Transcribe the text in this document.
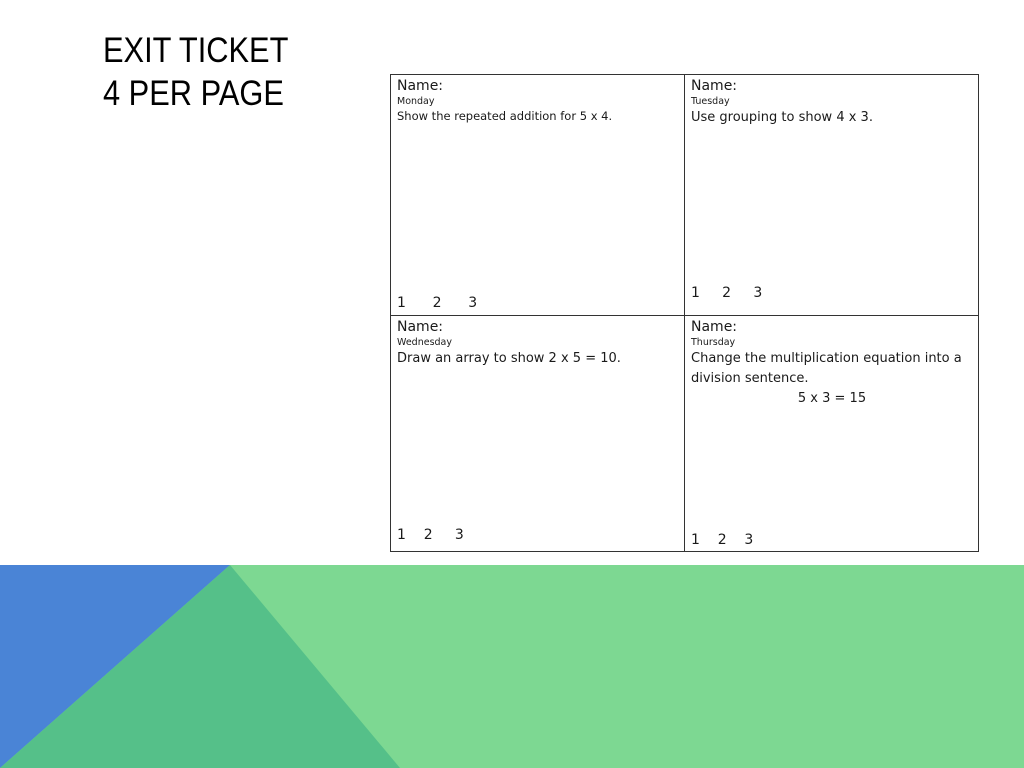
EXIT TICKET
4 PER PAGE	Name:
Monday
Show the repeated addition for 5 x 4.
1      2      3
Name:
Tuesday
Use grouping to show 4 x 3.
1     2     3
Name:
Wednesday
Draw an array to show 2 x 5 = 10.
1    2     3
Name:
Thursday
Change the multiplication equation into a division sentence.
5 x 3 = 15
1    2    3
